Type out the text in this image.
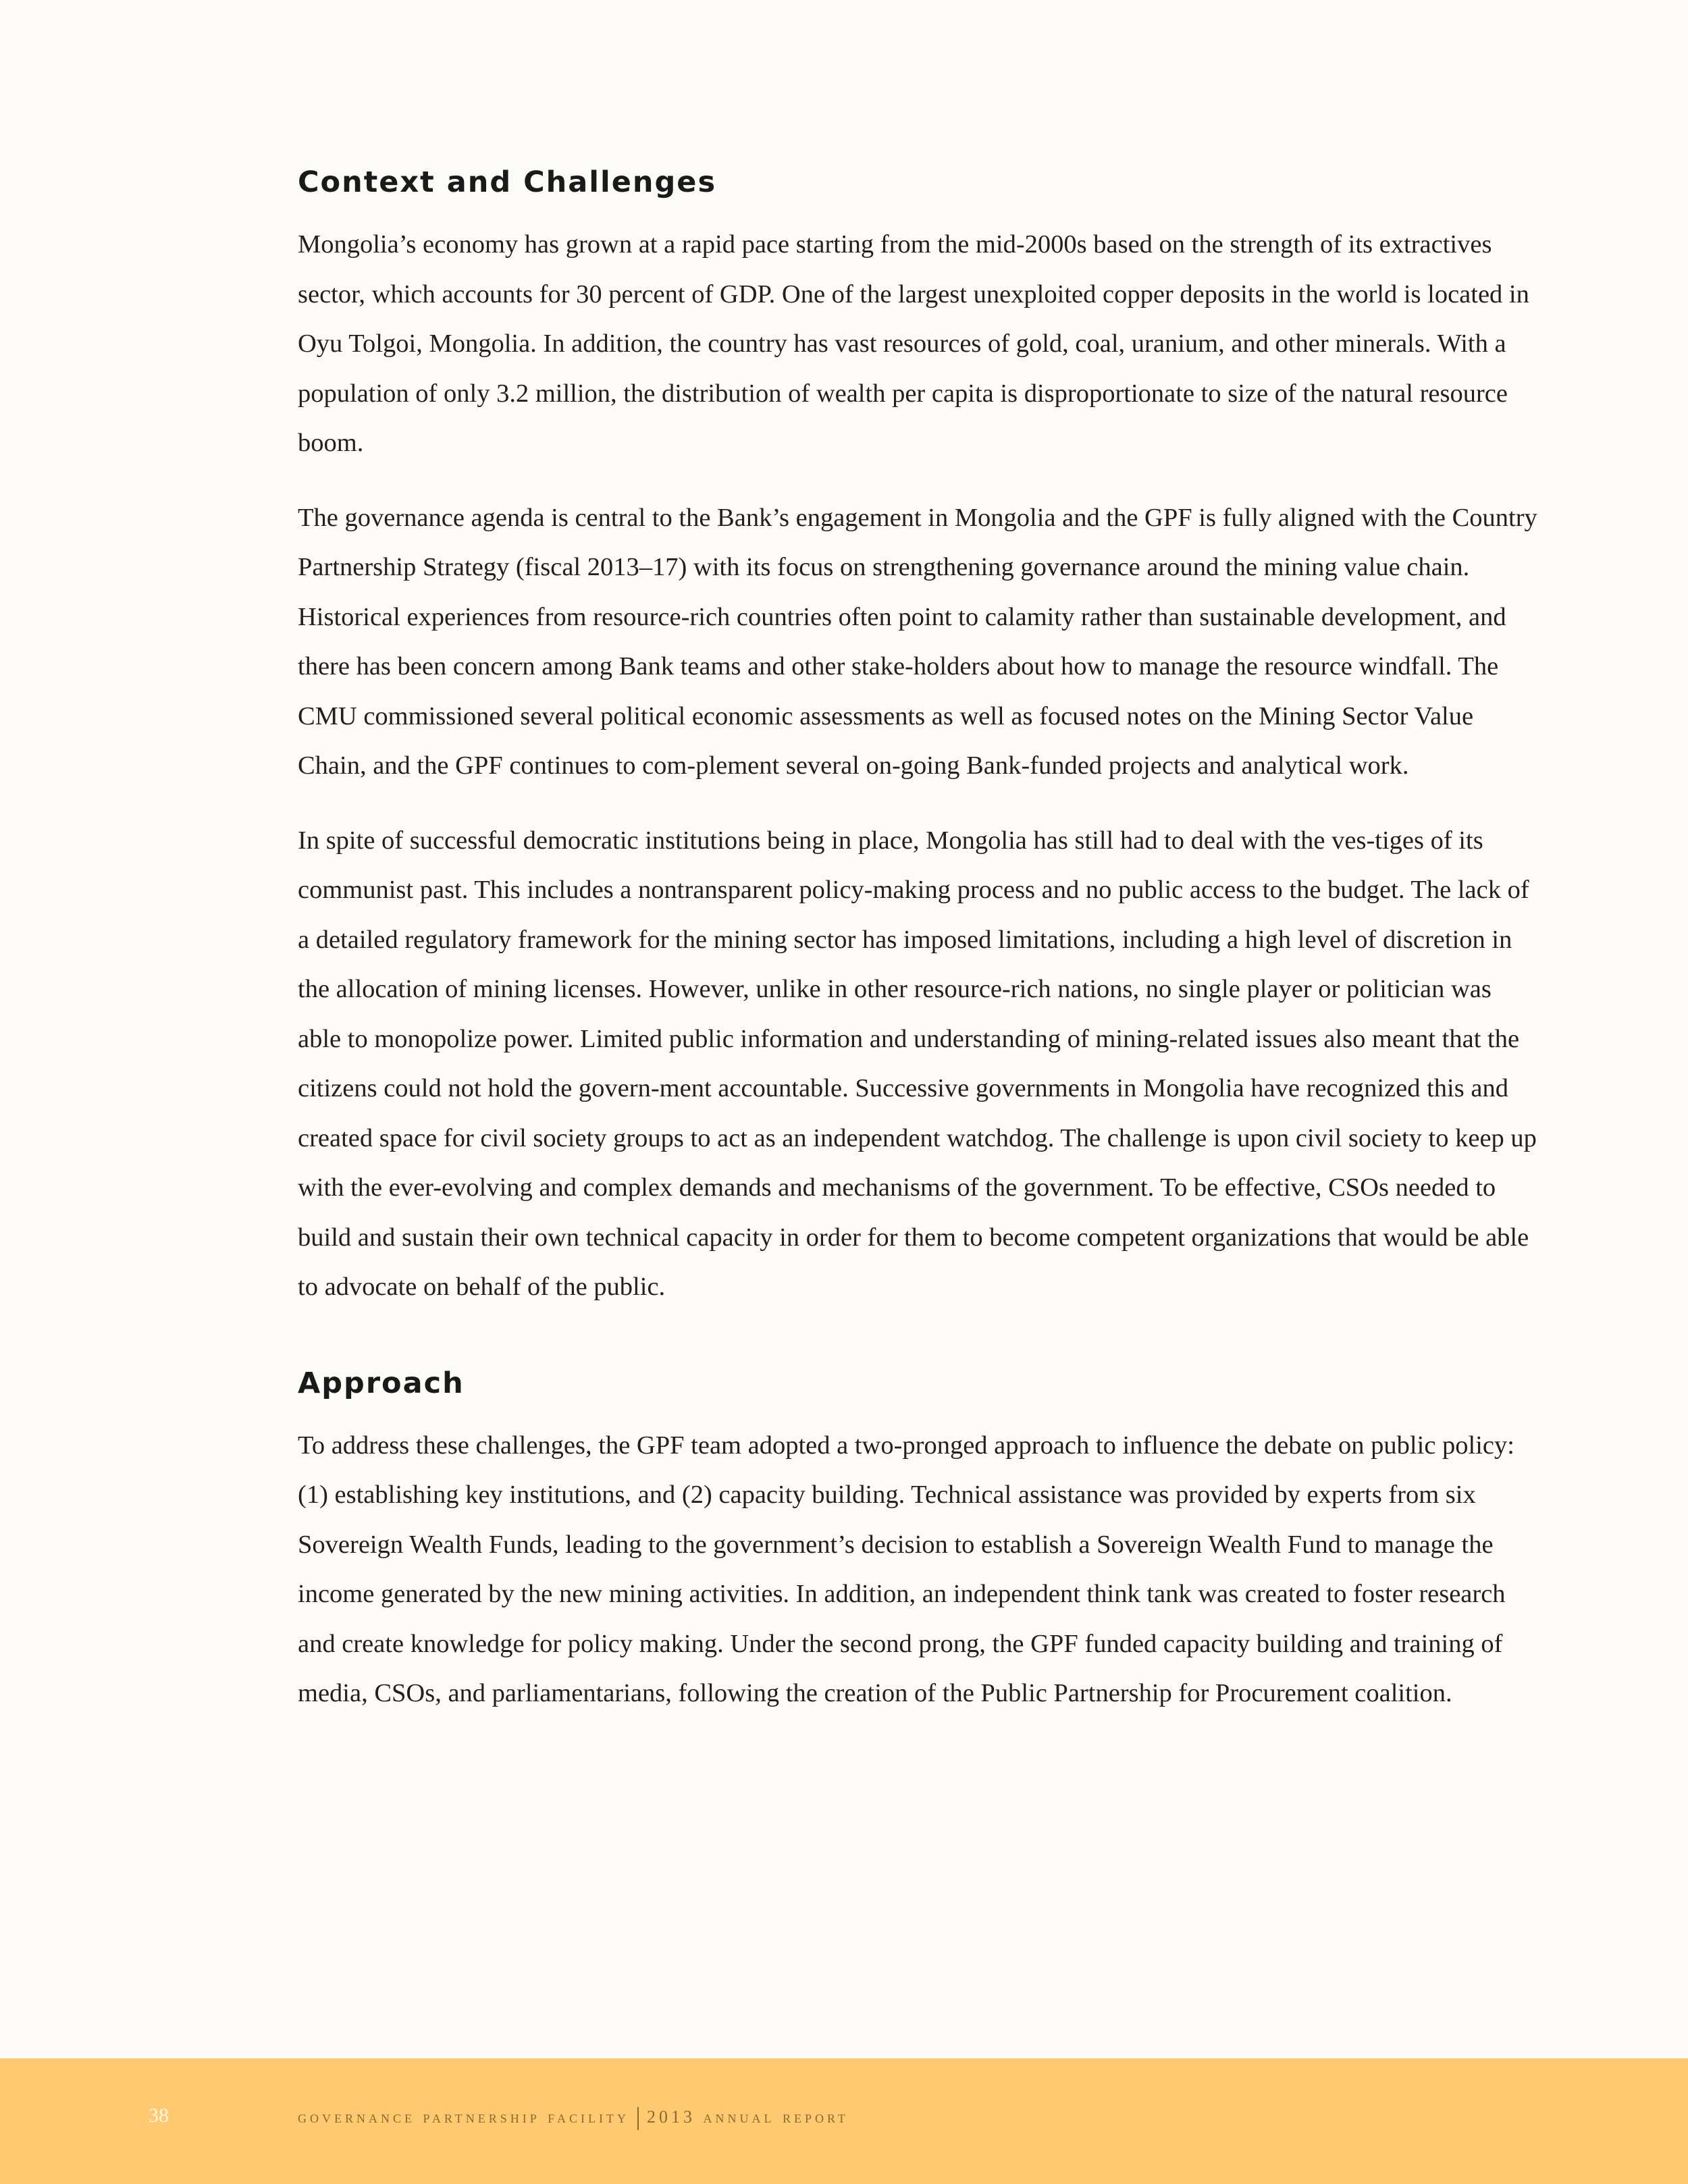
Context and Challenges

Mongolia’s economy has grown at a rapid pace starting from the mid-2000s based on the strength of its extractives sector, which accounts for 30 percent of GDP. One of the largest unexploited copper deposits in the world is located in Oyu Tolgoi, Mongolia. In addition, the country has vast resources of gold, coal, uranium, and other minerals. With a population of only 3.2 million, the distribution of wealth per capita is disproportionate to size of the natural resource boom.

The governance agenda is central to the Bank’s engagement in Mongolia and the GPF is fully aligned with the Country Partnership Strategy (fiscal 2013–17) with its focus on strengthening governance around the mining value chain. Historical experiences from resource-rich countries often point to calamity rather than sustainable development, and there has been concern among Bank teams and other stake-holders about how to manage the resource windfall. The CMU commissioned several political economic assessments as well as focused notes on the Mining Sector Value Chain, and the GPF continues to com-plement several on-going Bank-funded projects and analytical work.

In spite of successful democratic institutions being in place, Mongolia has still had to deal with the ves-tiges of its communist past. This includes a nontransparent policy-making process and no public access to the budget. The lack of a detailed regulatory framework for the mining sector has imposed limitations, including a high level of discretion in the allocation of mining licenses. However, unlike in other resource-rich nations, no single player or politician was able to monopolize power. Limited public information and understanding of mining-related issues also meant that the citizens could not hold the govern-ment accountable. Successive governments in Mongolia have recognized this and created space for civil society groups to act as an independent watchdog. The challenge is upon civil society to keep up with the ever-evolving and complex demands and mechanisms of the government. To be effective, CSOs needed to build and sustain their own technical capacity in order for them to become competent organizations that would be able to advocate on behalf of the public.

Approach

To address these challenges, the GPF team adopted a two-pronged approach to influence the debate on public policy: (1) establishing key institutions, and (2) capacity building. Technical assistance was provided by experts from six Sovereign Wealth Funds, leading to the government’s decision to establish a Sovereign Wealth Fund to manage the income generated by the new mining activities. In addition, an independent think tank was created to foster research and create knowledge for policy making. Under the second prong, the GPF funded capacity building and training of media, CSOs, and parliamentarians, following the creation of the Public Partnership for Procurement coalition.

38	governance partnership facility 2013 annual report
